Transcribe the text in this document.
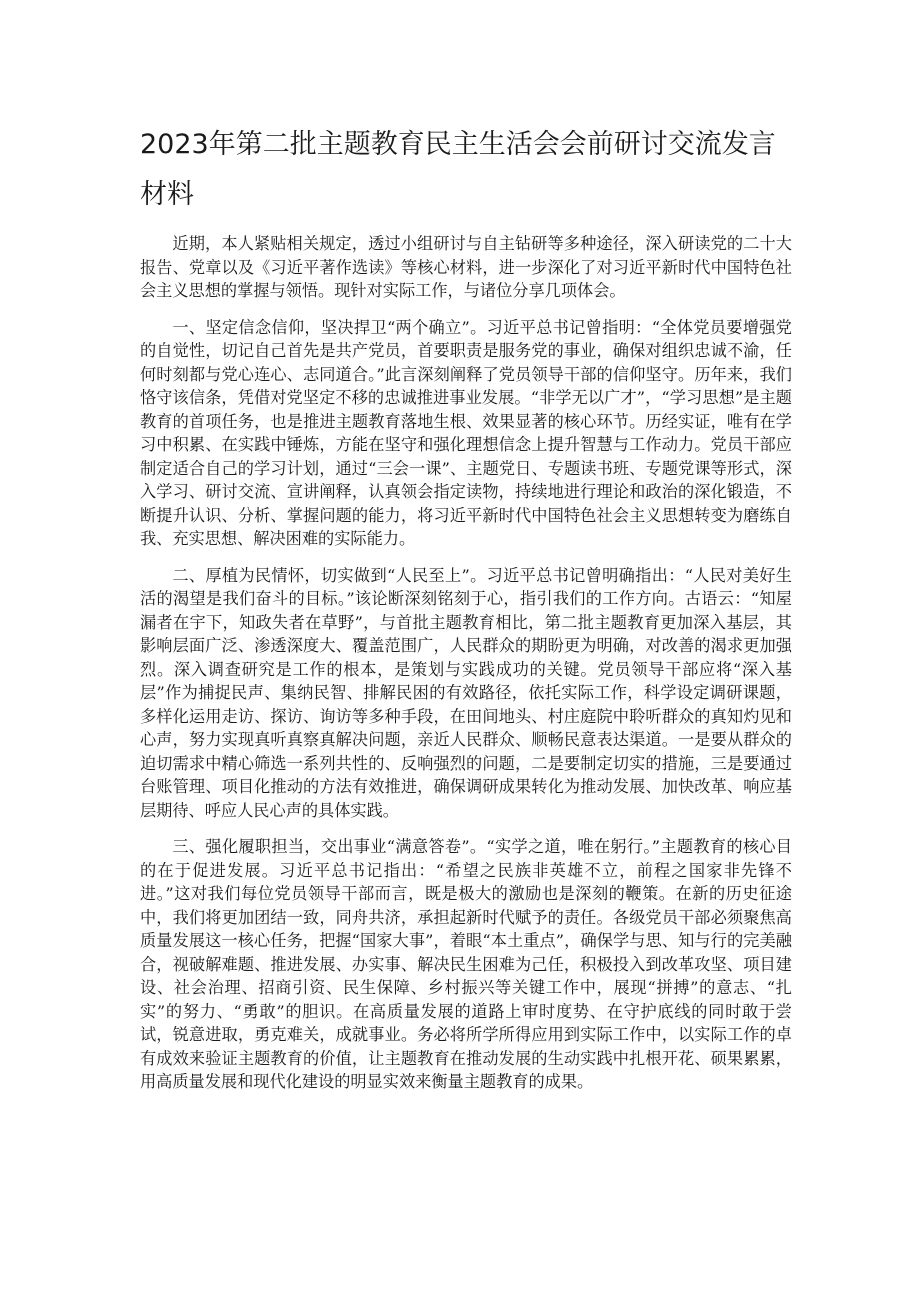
2023年第二批主题教育民主生活会会前研讨交流发言材料

近期，本人紧贴相关规定，透过小组研讨与自主钻研等多种途径，深入研读党的二十大报告、党章以及《习近平著作选读》等核心材料，进一步深化了对习近平新时代中国特色社会主义思想的掌握与领悟。现针对实际工作，与诸位分享几项体会。

一、坚定信念信仰，坚决捍卫“两个确立”。习近平总书记曾指明：“全体党员要增强党的自觉性，切记自己首先是共产党员，首要职责是服务党的事业，确保对组织忠诚不渝，任何时刻都与党心连心、志同道合。”此言深刻阐释了党员领导干部的信仰坚守。历年来，我们恪守该信条，凭借对党坚定不移的忠诚推进事业发展。“非学无以广才”，“学习思想”是主题教育的首项任务，也是推进主题教育落地生根、效果显著的核心环节。历经实证，唯有在学习中积累、在实践中锤炼，方能在坚守和强化理想信念上提升智慧与工作动力。党员干部应制定适合自己的学习计划，通过“三会一课”、主题党日、专题读书班、专题党课等形式，深入学习、研讨交流、宣讲阐释，认真领会指定读物，持续地进行理论和政治的深化锻造，不断提升认识、分析、掌握问题的能力，将习近平新时代中国特色社会主义思想转变为磨练自我、充实思想、解决困难的实际能力。

二、厚植为民情怀，切实做到“人民至上”。习近平总书记曾明确指出：“人民对美好生活的渴望是我们奋斗的目标。”该论断深刻铭刻于心，指引我们的工作方向。古语云：“知屋漏者在宇下，知政失者在草野”，与首批主题教育相比，第二批主题教育更加深入基层，其影响层面广泛、渗透深度大、覆盖范围广，人民群众的期盼更为明确，对改善的渴求更加强烈。深入调查研究是工作的根本，是策划与实践成功的关键。党员领导干部应将“深入基层”作为捕捉民声、集纳民智、排解民困的有效路径，依托实际工作，科学设定调研课题，多样化运用走访、探访、询访等多种手段，在田间地头、村庄庭院中聆听群众的真知灼见和心声，努力实现真听真察真解决问题，亲近人民群众、顺畅民意表达渠道。一是要从群众的迫切需求中精心筛选一系列共性的、反响强烈的问题，二是要制定切实的措施，三是要通过台账管理、项目化推动的方法有效推进，确保调研成果转化为推动发展、加快改革、响应基层期待、呼应人民心声的具体实践。

三、强化履职担当，交出事业“满意答卷”。“实学之道，唯在躬行。”主题教育的核心目的在于促进发展。习近平总书记指出：“希望之民族非英雄不立，前程之国家非先锋不进。”这对我们每位党员领导干部而言，既是极大的激励也是深刻的鞭策。在新的历史征途中，我们将更加团结一致，同舟共济，承担起新时代赋予的责任。各级党员干部必须聚焦高质量发展这一核心任务，把握“国家大事”，着眼“本土重点”，确保学与思、知与行的完美融合，视破解难题、推进发展、办实事、解决民生困难为己任，积极投入到改革攻坚、项目建设、社会治理、招商引资、民生保障、乡村振兴等关键工作中，展现“拼搏”的意志、“扎实”的努力、“勇敢”的胆识。在高质量发展的道路上审时度势、在守护底线的同时敢于尝试，锐意进取，勇克难关，成就事业。务必将所学所得应用到实际工作中，以实际工作的卓有成效来验证主题教育的价值，让主题教育在推动发展的生动实践中扎根开花、硕果累累，用高质量发展和现代化建设的明显实效来衡量主题教育的成果。
